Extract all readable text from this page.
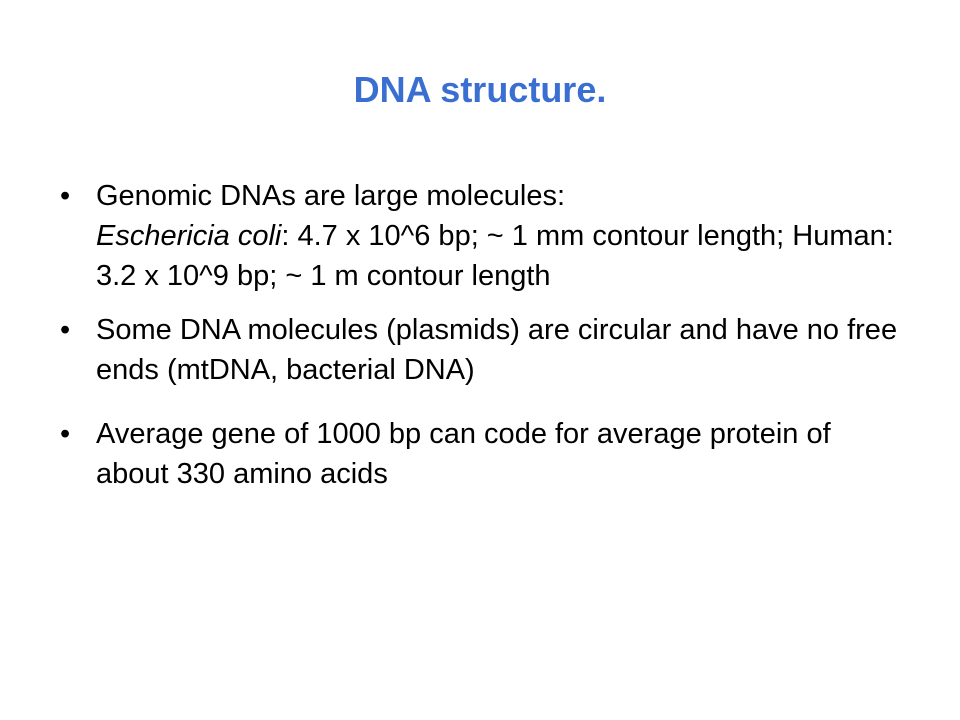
DNA structure.
• Genomic DNAs are large molecules:
Eschericia coli: 4.7 x 10^6 bp; ~ 1 mm contour length; Human: 3.2 x 10^9 bp; ~ 1 m contour length
• Some DNA molecules (plasmids) are circular and have no free ends (mtDNA, bacterial DNA)
• Average gene of 1000 bp can code for average protein of about 330 amino acids
